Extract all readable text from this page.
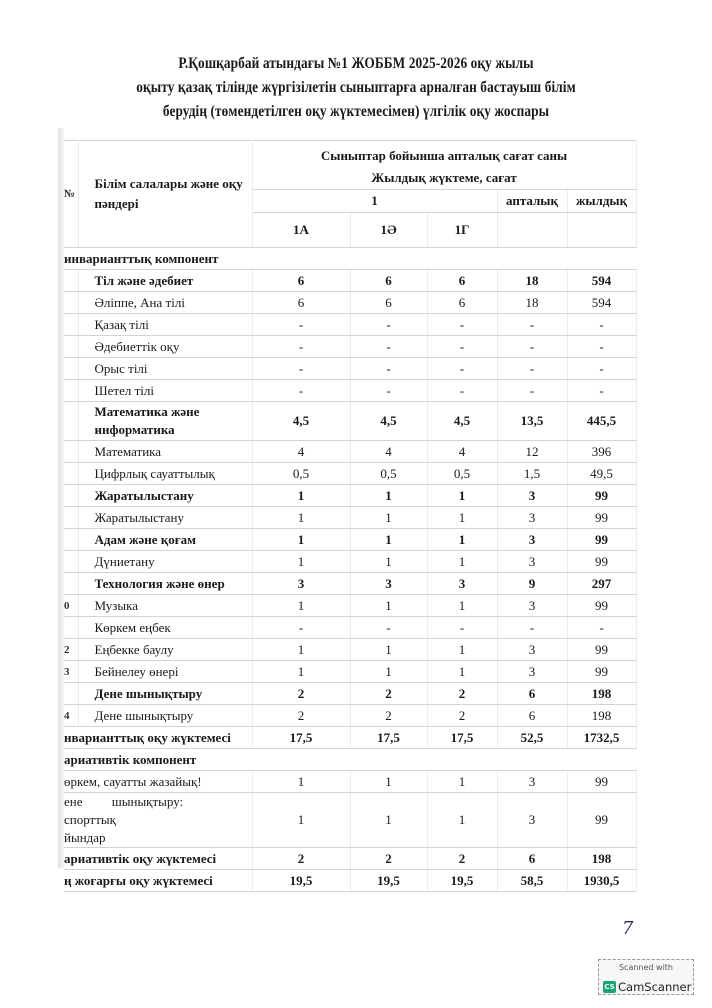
Р.Қошқарбай атындағы №1 ЖОББМ 2025-2026 оқу жылы
оқыту қазақ тілінде жүргізілетін сыныптарға арналған бастауыш білім
берудің (төмендетілген оқу жүктемесімен) үлгілік оқу жоспары
№	Білім салалары және оқу пәндері	Сыныптар бойынша апталық сағат саны
Жылдық жүктеме, сағат				

		1			апталық	жылдық
		1А	1Ә	1Г		
инварианттық компонент						
	Тіл және әдебиет	6	6	6	18	594
	Әліппе, Ана тілі	6	6	6	18	594
	Қазақ тілі	-	-	-	-	-
	Әдебиеттік оқу	-	-	-	-	-
	Орыс тілі	-	-	-	-	-
	Шетел тілі	-	-	-	-	-
	Математика және информатика	4,5	4,5	4,5	13,5	445,5
	Математика	4	4	4	12	396
	Цифрлық сауаттылық	0,5	0,5	0,5	1,5	49,5
	Жаратылыстану	1	1	1	3	99
	Жаратылыстану	1	1	1	3	99
	Адам және қоғам	1	1	1	3	99
	Дүниетану	1	1	1	3	99
	Технология және өнер	3	3	3	9	297
0	Музыка	1	1	1	3	99
	Көркем еңбек	-	-	-	-	-
2	Еңбекке баулу	1	1	1	3	99
3	Бейнелеу өнері	1	1	1	3	99
	Дене шынықтыру	2	2	2	6	198
4	Дене шынықтыру	2	2	2	6	198
нварианттық оқу жүктемесі		17,5	17,5	17,5	52,5	1732,5
ариативтік компонент						
өркем, сауатты жазайық!		1	1	1	3	99

ене шынықтыру: спорттық
йындар		1	1	1	3	99
ариативтік оқу жүктемесі		2	2	2	6	198
ң жоғарғы оқу жүктемесі		19,5	19,5	19,5	58,5	1930,5
7
Scanned with
CS CamScanner
